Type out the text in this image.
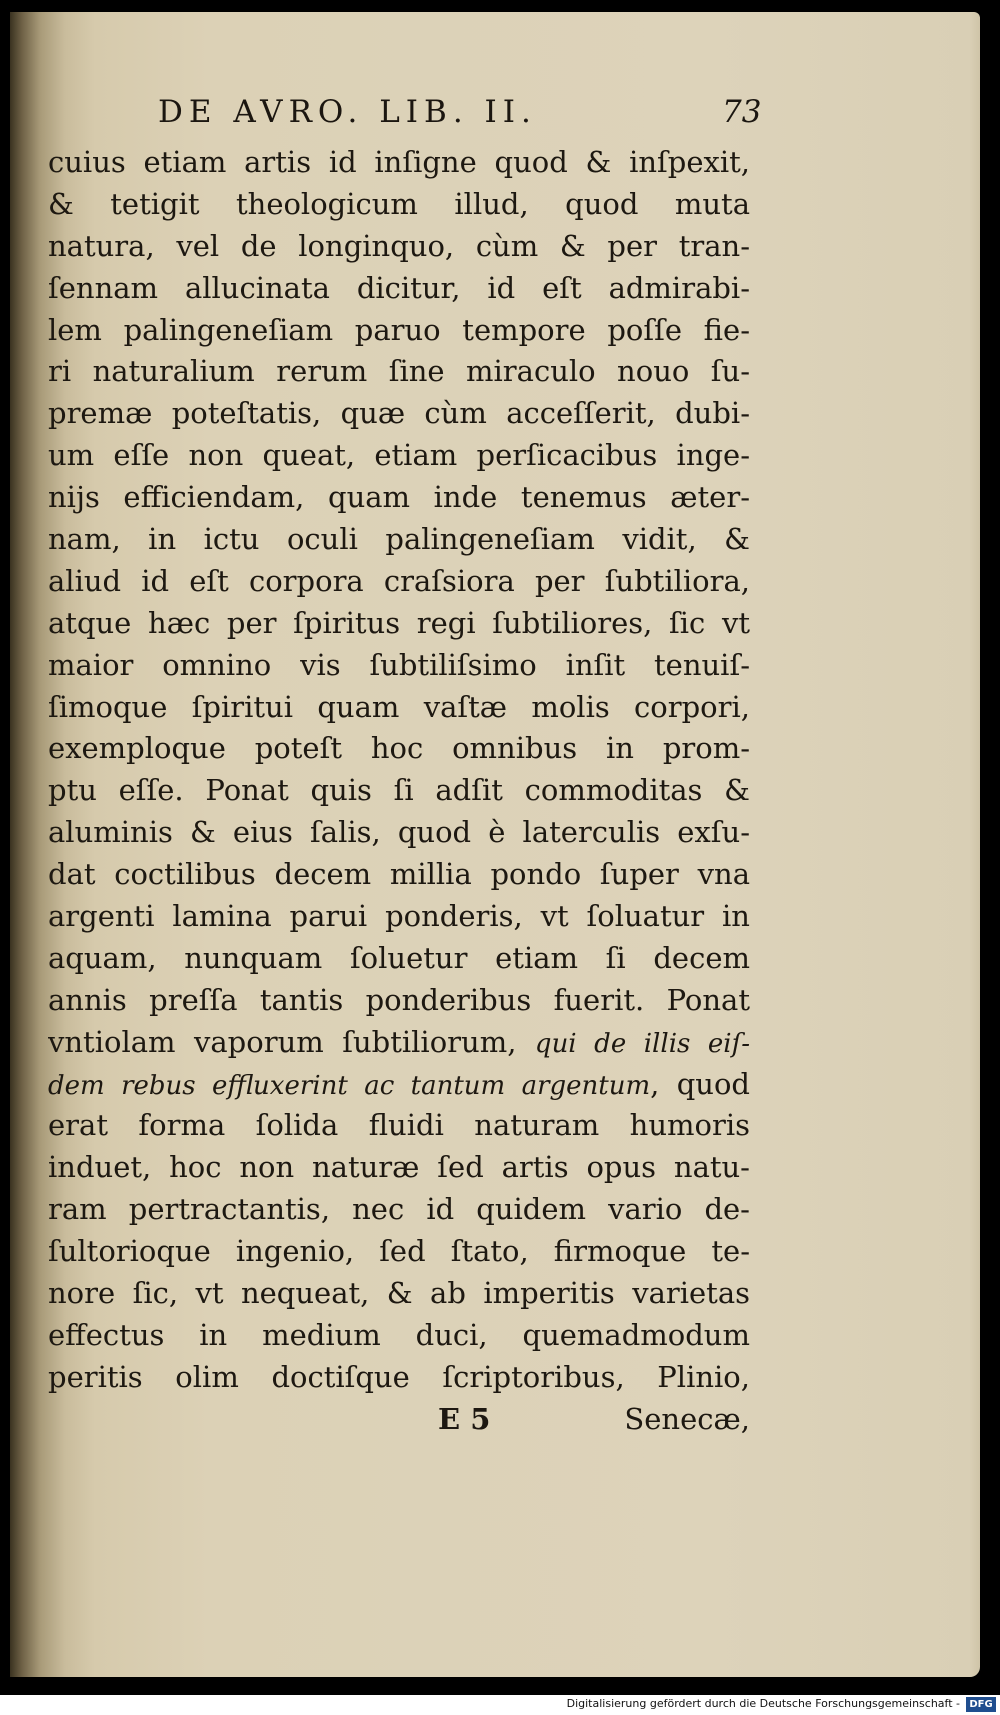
DE AVRO. LIB. II.	73
cuius etiam artis id inſigne quod & inſpexit,
& tetigit theologicum illud, quod muta
natura, vel de longinquo, cùm & per tran-
ſennam allucinata dicitur, id eſt admirabi-
lem palingeneſiam paruo tempore poſſe fie-
ri naturalium rerum ſine miraculo nouo ſu-
premæ poteſtatis, quæ cùm acceſſerit, dubi-
um eſſe non queat, etiam perſicacibus inge-
nijs efficiendam, quam inde tenemus æter-
nam, in ictu oculi palingeneſiam vidit, &
aliud id eſt corpora craſsiora per ſubtiliora,
atque hæc per ſpiritus regi ſubtiliores, ſic vt
maior omnino vis ſubtiliſsimo inſit tenuiſ-
ſimoque ſpiritui quam vaſtæ molis corpori,
exemploque poteſt hoc omnibus in prom-
ptu eſſe. Ponat quis ſi adſit commoditas &
aluminis & eius ſalis, quod è laterculis exſu-
dat coctilibus decem millia pondo ſuper vna
argenti lamina parui ponderis, vt ſoluatur in
aquam, nunquam ſoluetur etiam ſi decem
annis preſſa tantis ponderibus fuerit. Ponat
vntiolam vaporum ſubtiliorum, qui de illis eiſ-
dem rebus effluxerint ac tantum argentum, quod
erat forma ſolida fluidi naturam humoris
induet, hoc non naturæ ſed artis opus natu-
ram pertractantis, nec id quidem vario de-
ſultorioque ingenio, ſed ſtato, firmoque te-
nore ſic, vt nequeat, & ab imperitis varietas
effectus in medium duci, quemadmodum
peritis olim doctiſque ſcriptoribus, Plinio,
E 5	Senecæ,
Digitalisierung gefördert durch die Deutsche Forschungsgemeinschaft - DFG
